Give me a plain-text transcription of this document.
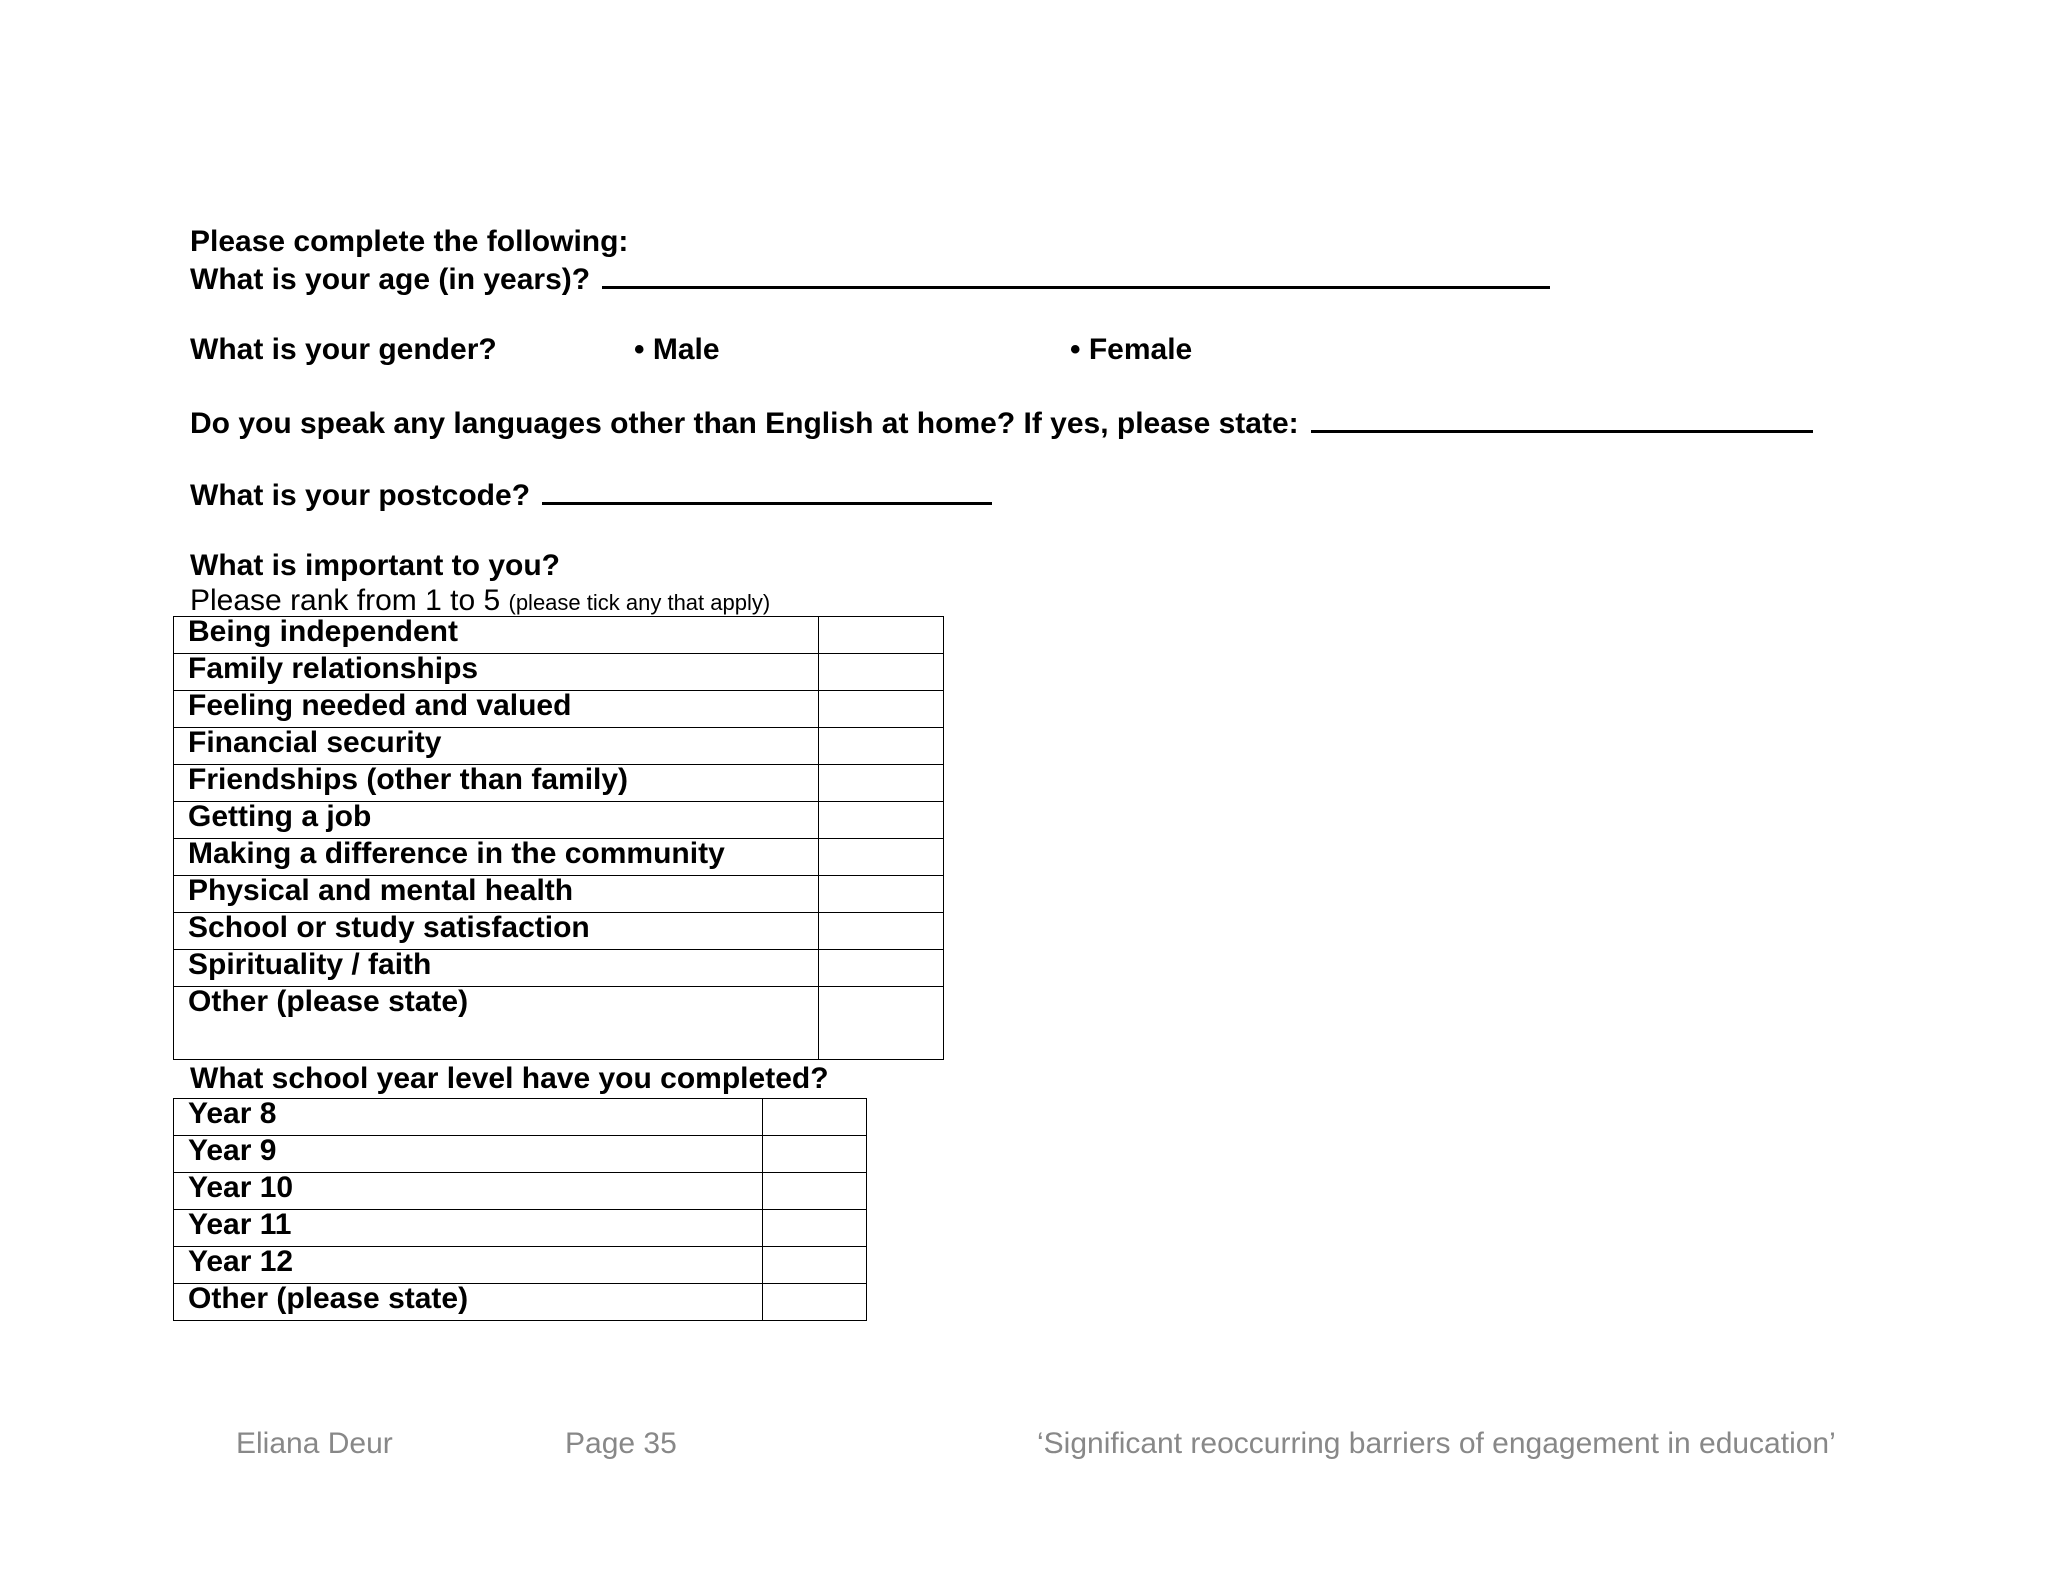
Please complete the following:
What is your age (in years)?
What is your gender?	• Male	• Female
Do you speak any languages other than English at home? If yes, please state:
What is your postcode?
What is important to you?
Please rank from 1 to 5 (please tick any that apply)
Being independent	
Family relationships	
Feeling needed and valued	
Financial security	
Friendships (other than family)	
Getting a job	
Making a difference in the community	
Physical and mental health	
School or study satisfaction	
Spirituality / faith	
Other (please state)	
What school year level have you completed?
Year 8	
Year 9	
Year 10	
Year 11	
Year 12	
Other (please state)	
Eliana Deur	Page 35	‘Significant reoccurring barriers of engagement in education’
